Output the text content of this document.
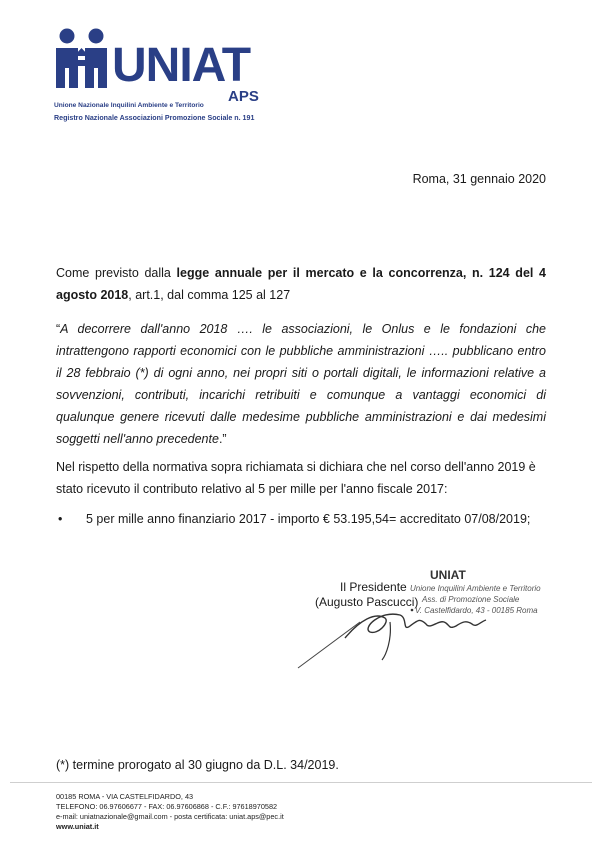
UNIAT
APS
Unione Nazionale Inquilini Ambiente e Territorio
Registro Nazionale Associazioni Promozione Sociale n. 191
Roma, 31 gennaio 2020
Come previsto dalla legge annuale per il mercato e la concorrenza, n. 124 del 4 agosto 2018, art.1, dal comma 125 al 127
“A decorrere dall'anno 2018 …. le associazioni, le Onlus e le fondazioni che intrattengono rapporti economici con le pubbliche amministrazioni ….. pubblicano entro il 28 febbraio (*) di ogni anno, nei propri siti o portali digitali, le informazioni relative a sovvenzioni, contributi, incarichi retribuiti e comunque a vantaggi economici di qualunque genere ricevuti dalle medesime pubbliche amministrazioni e dai medesimi soggetti nell'anno precedente.”
Nel rispetto della normativa sopra richiamata si dichiara che nel corso dell'anno 2019 è stato ricevuto il contributo relativo al 5 per mille per l'anno fiscale 2017:
• 5 per mille anno finanziario 2017 - importo € 53.195,54= accreditato 07/08/2019;
UNIAT
Unione Inquilini Ambiente e Territorio
Ass. di Promozione Sociale
V. Castelfidardo, 43 - 00185 Roma
Il Presidente
(Augusto Pascucci)
(*) termine prorogato al 30 giugno da D.L. 34/2019.
00185 ROMA - VIA CASTELFIDARDO, 43
TELEFONO: 06.97606677 - FAX: 06.97606868 - C.F.: 97618970582
e-mail: uniatnazionale@gmail.com - posta certificata: uniat.aps@pec.it
www.uniat.it
